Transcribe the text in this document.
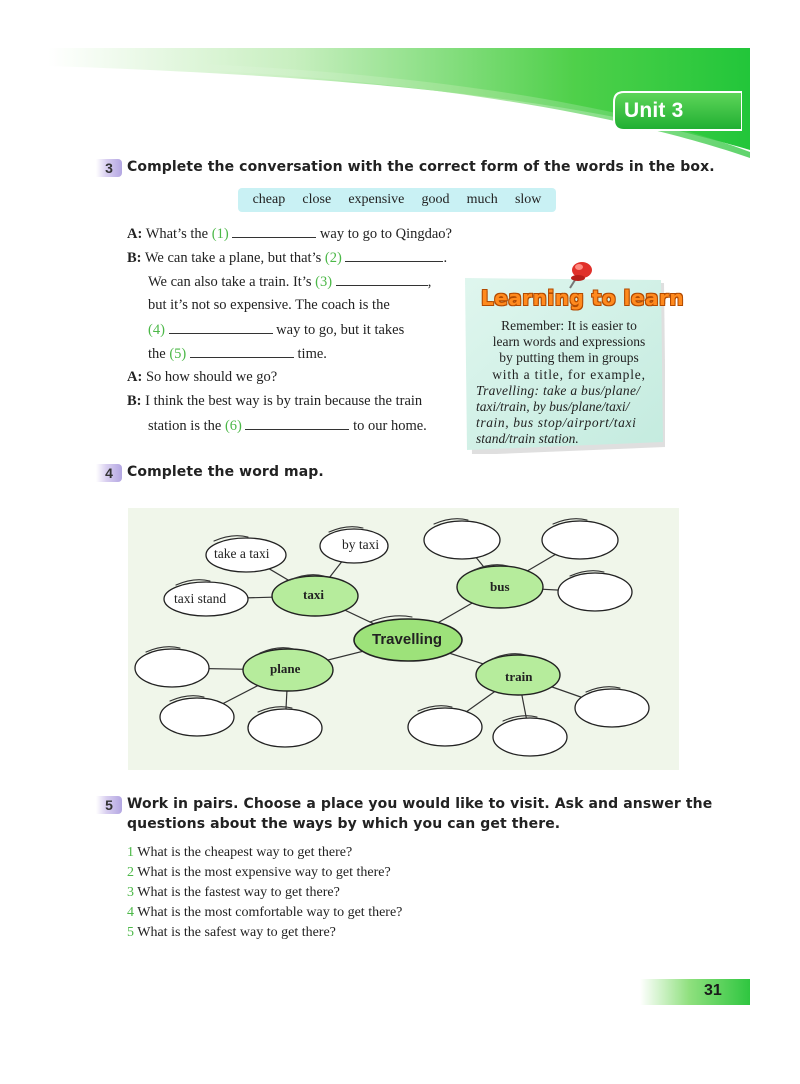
Unit 3
3	Complete the conversation with the correct form of the words in the box.
cheap close expensive good much slow
A: What’s the (1)	way to go to Qingdao?
B: We can take a plane, but that’s (2)	.
We can also take a train. It’s (3)	,
but it’s not so expensive. The coach is the
(4)	way to go, but it takes
the (5)	time.
A: So how should we go?
B: I think the best way is by train because the train
station is the (6)	to our home.
Learning to learn
Remember: It is easier to
learn words and expressions
by putting them in groups
with a title, for example,
Travelling: take a bus/plane/
taxi/train, by bus/plane/taxi/
train, bus stop/airport/taxi
stand/train station.
4	Complete the word map.
take a taxi
by taxi
taxi stand	taxi
bus
plane
train
Travelling
5	Work in pairs. Choose a place you would like to visit. Ask and answer the
questions about the ways by which you can get there.
1 What is the cheapest way to get there?
2 What is the most expensive way to get there?
3 What is the fastest way to get there?
4 What is the most comfortable way to get there?
5 What is the safest way to get there?
31
